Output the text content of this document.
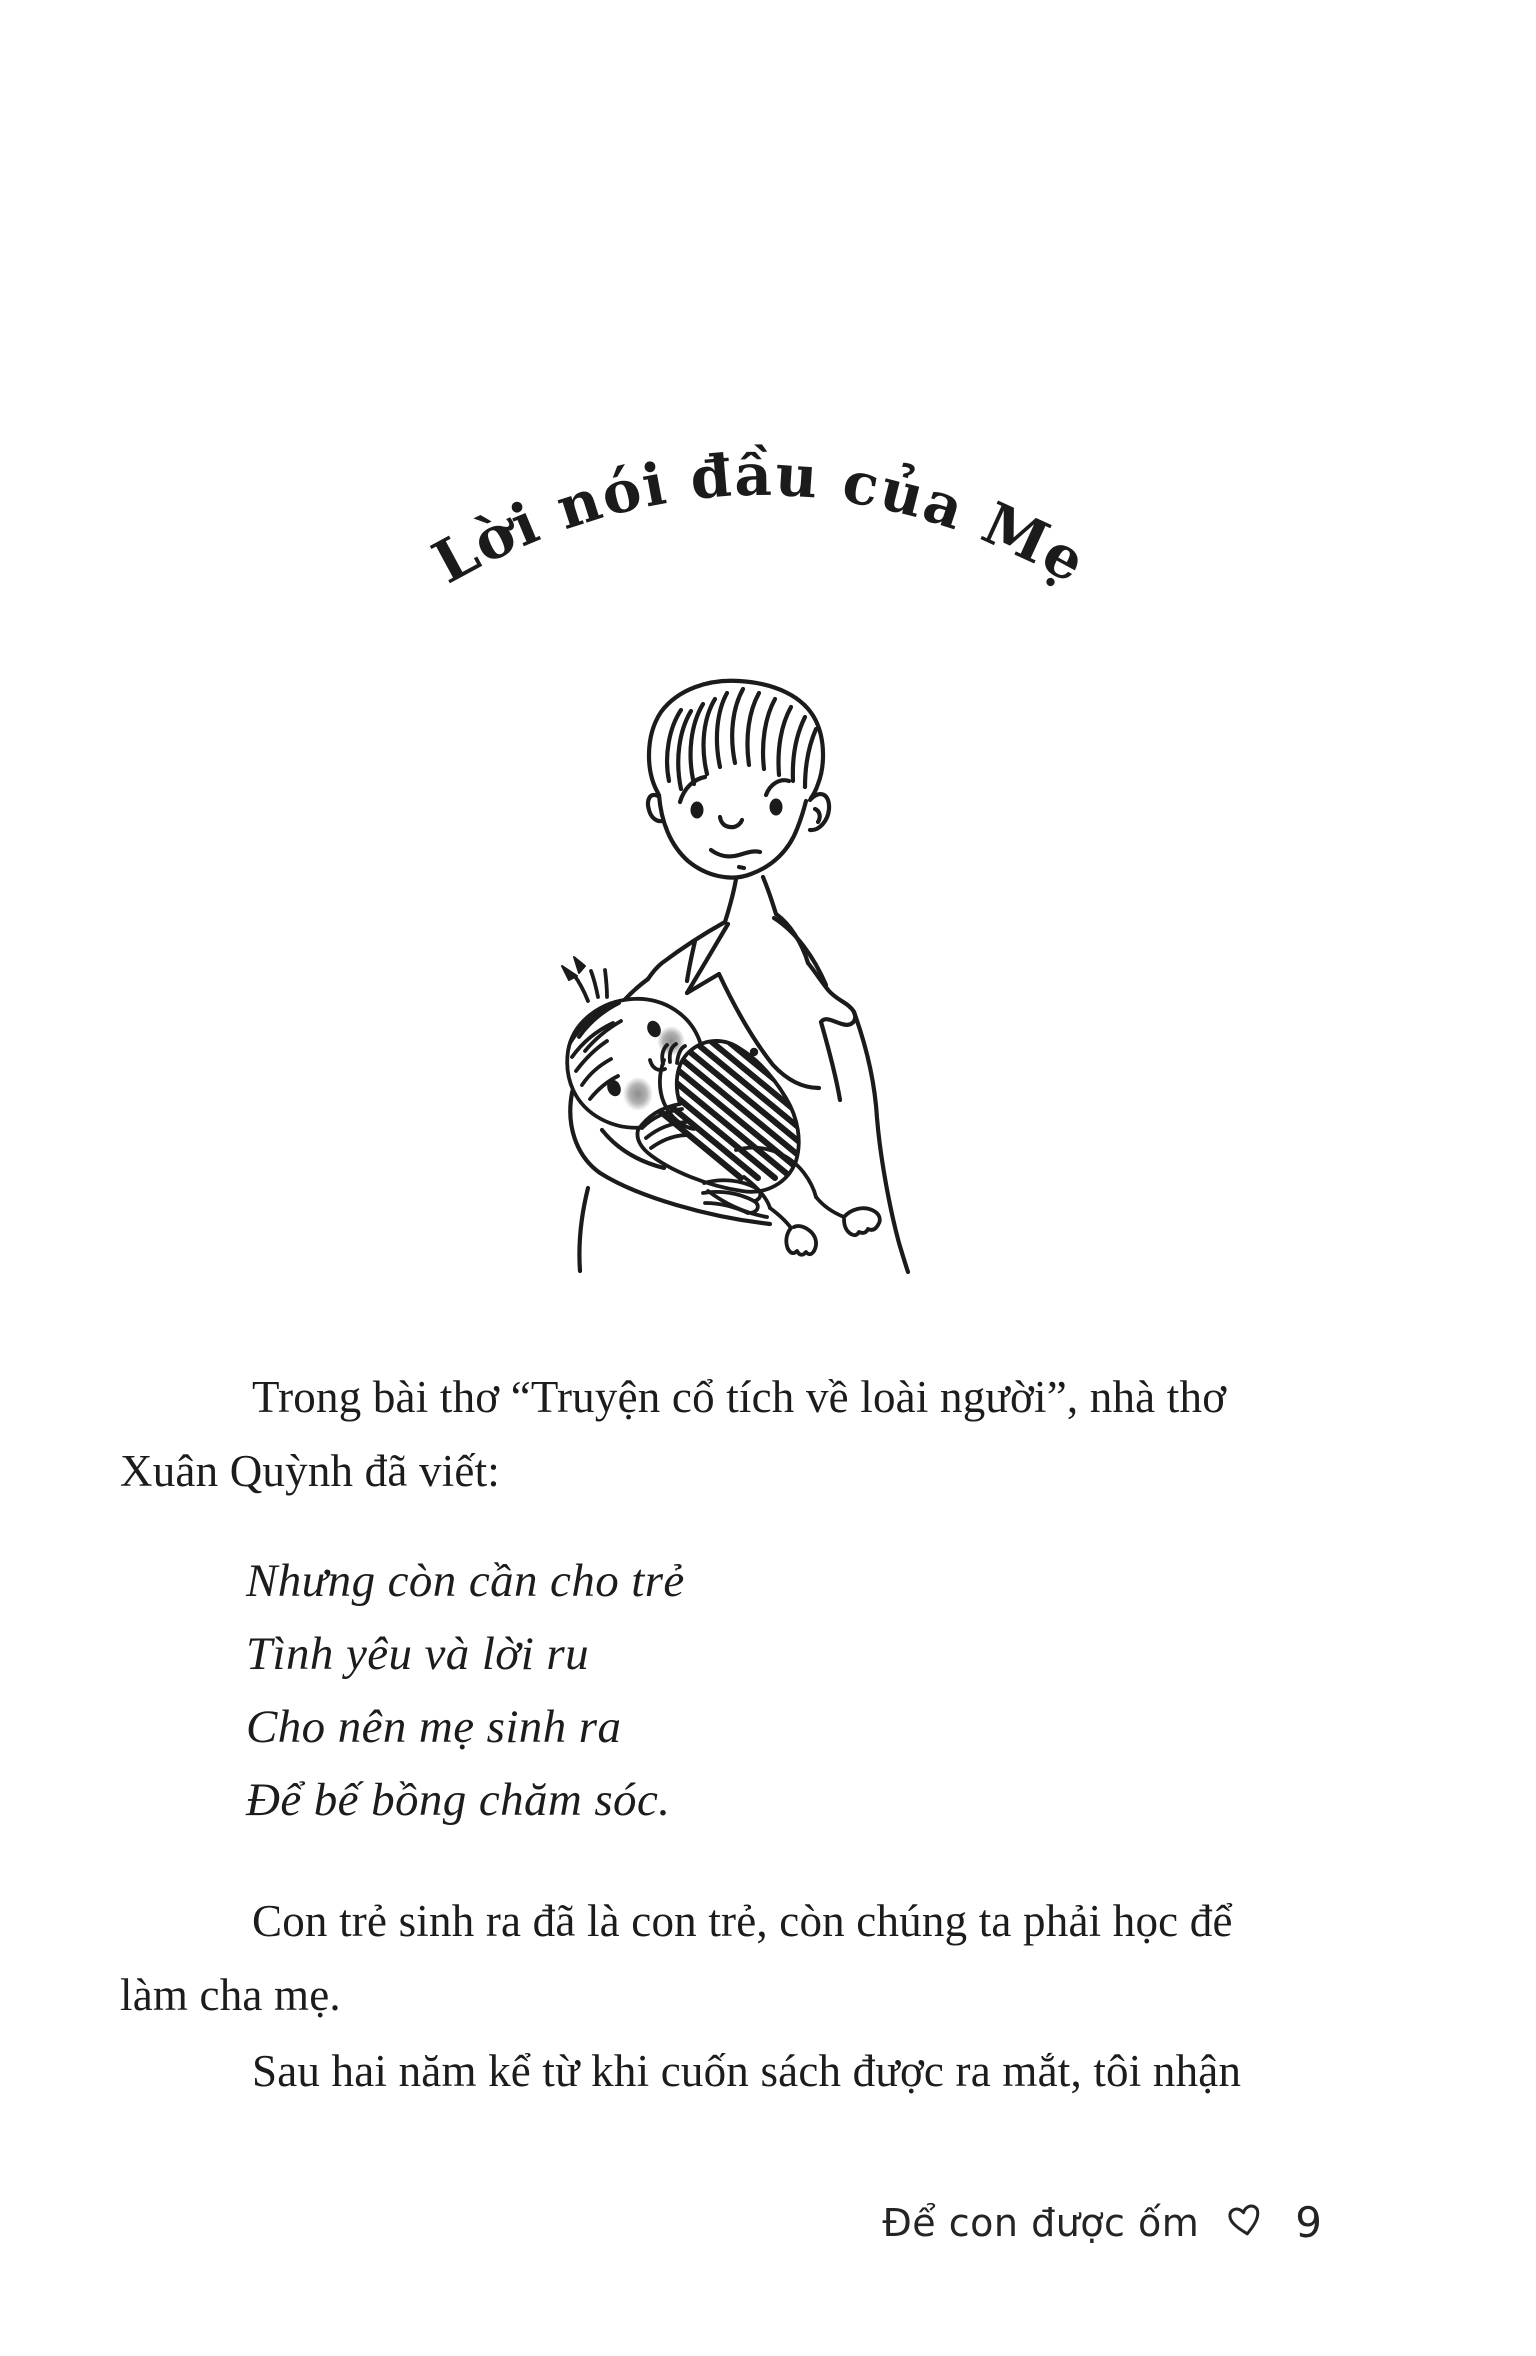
Lời nói đầu của Mẹ
Trong bài thơ “Truyện cổ tích về loài người”, nhà thơ
Xuân Quỳnh đã viết:
Nhưng còn cần cho trẻ
Tình yêu và lời ru
Cho nên mẹ sinh ra
Để bế bồng chăm sóc.
Con trẻ sinh ra đã là con trẻ, còn chúng ta phải học để
làm cha mẹ.
Sau hai năm kể từ khi cuốn sách được ra mắt, tôi nhận
Để con được ốm 9
